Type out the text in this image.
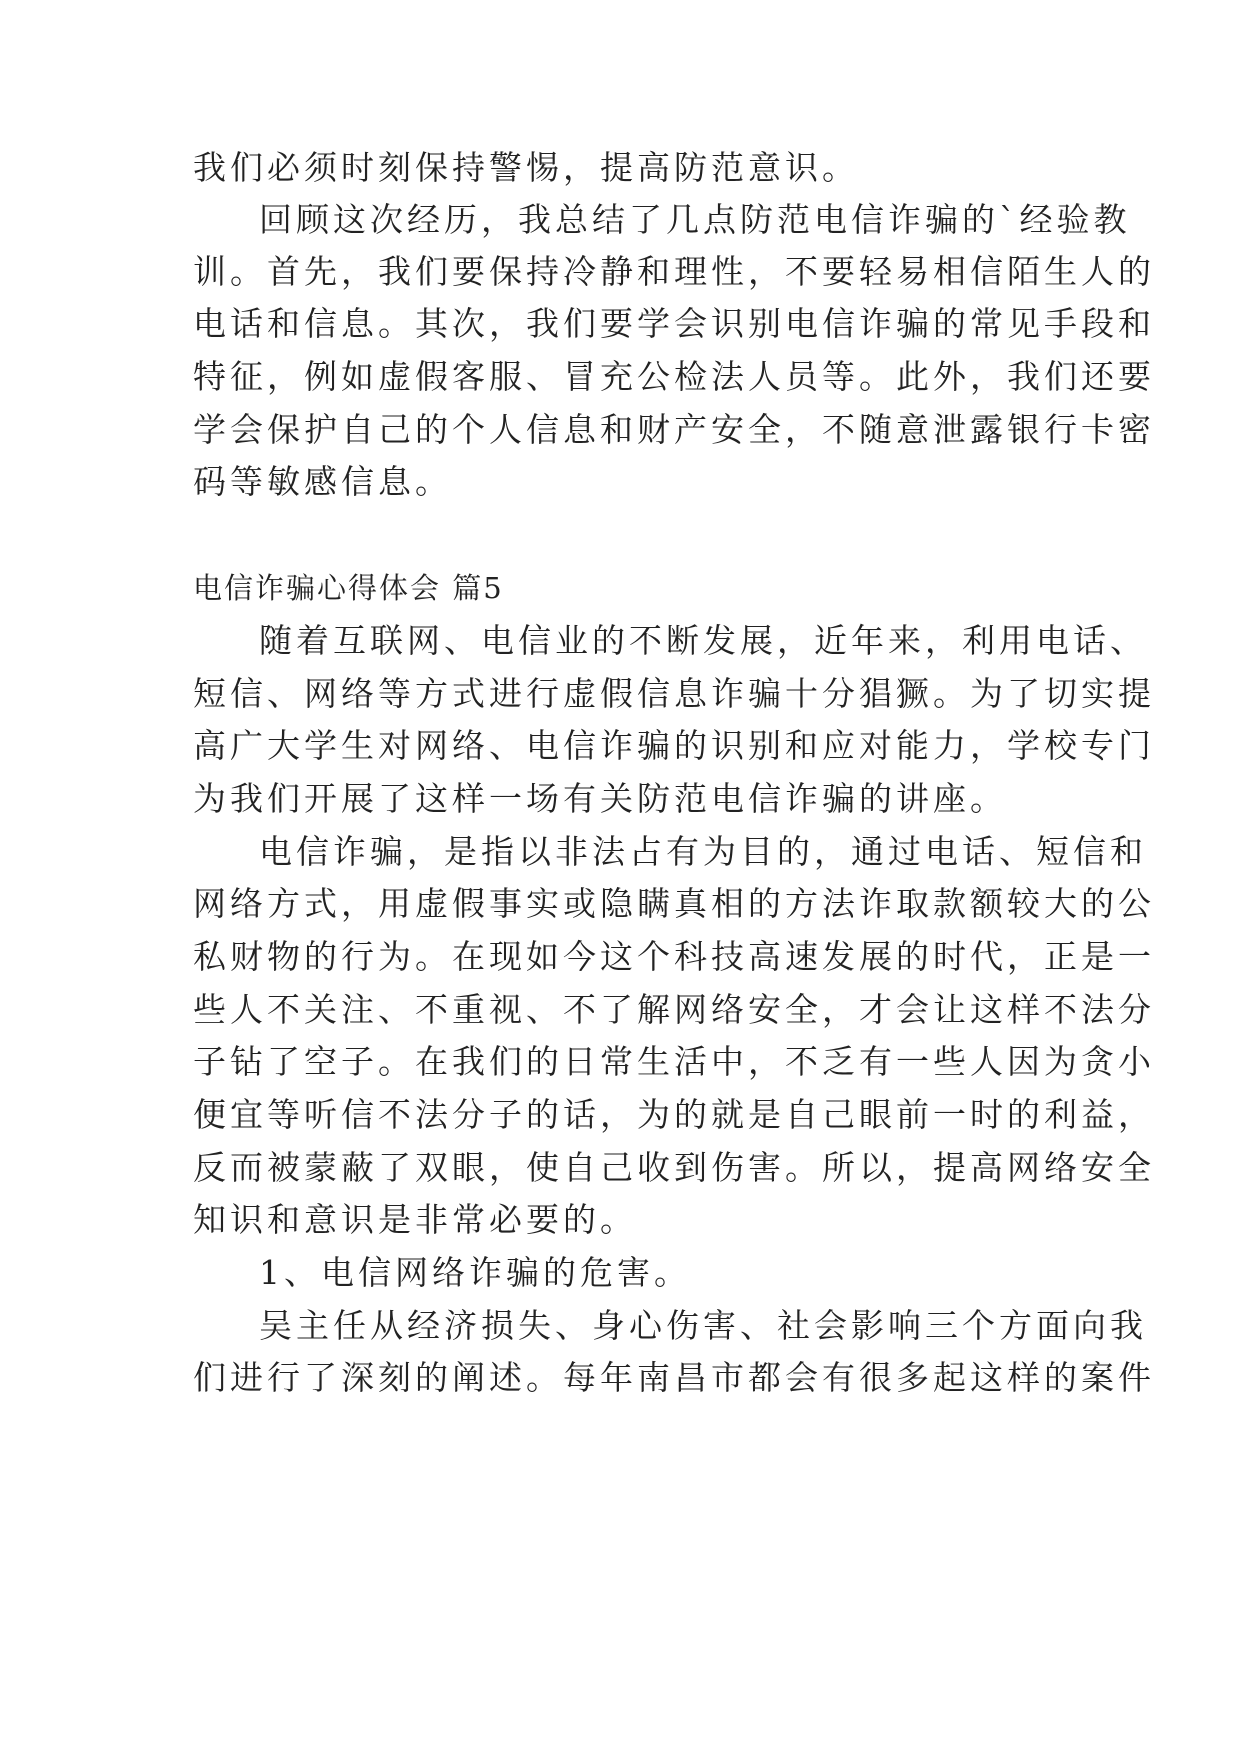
我们必须时刻保持警惕，提高防范意识。
回顾这次经历，我总结了几点防范电信诈骗的`经验教
训。首先，我们要保持冷静和理性，不要轻易相信陌生人的
电话和信息。其次，我们要学会识别电信诈骗的常见手段和
特征，例如虚假客服、冒充公检法人员等。此外，我们还要
学会保护自己的个人信息和财产安全，不随意泄露银行卡密
码等敏感信息。
电信诈骗心得体会 篇5
随着互联网、电信业的不断发展，近年来，利用电话、
短信、网络等方式进行虚假信息诈骗十分猖獗。为了切实提
高广大学生对网络、电信诈骗的识别和应对能力，学校专门
为我们开展了这样一场有关防范电信诈骗的讲座。
电信诈骗，是指以非法占有为目的，通过电话、短信和
网络方式，用虚假事实或隐瞒真相的方法诈取款额较大的公
私财物的行为。在现如今这个科技高速发展的时代，正是一
些人不关注、不重视、不了解网络安全，才会让这样不法分
子钻了空子。在我们的日常生活中，不乏有一些人因为贪小
便宜等听信不法分子的话，为的就是自己眼前一时的利益，
反而被蒙蔽了双眼，使自己收到伤害。所以，提高网络安全
知识和意识是非常必要的。
1、电信网络诈骗的危害。
吴主任从经济损失、身心伤害、社会影响三个方面向我
们进行了深刻的阐述。每年南昌市都会有很多起这样的案件
